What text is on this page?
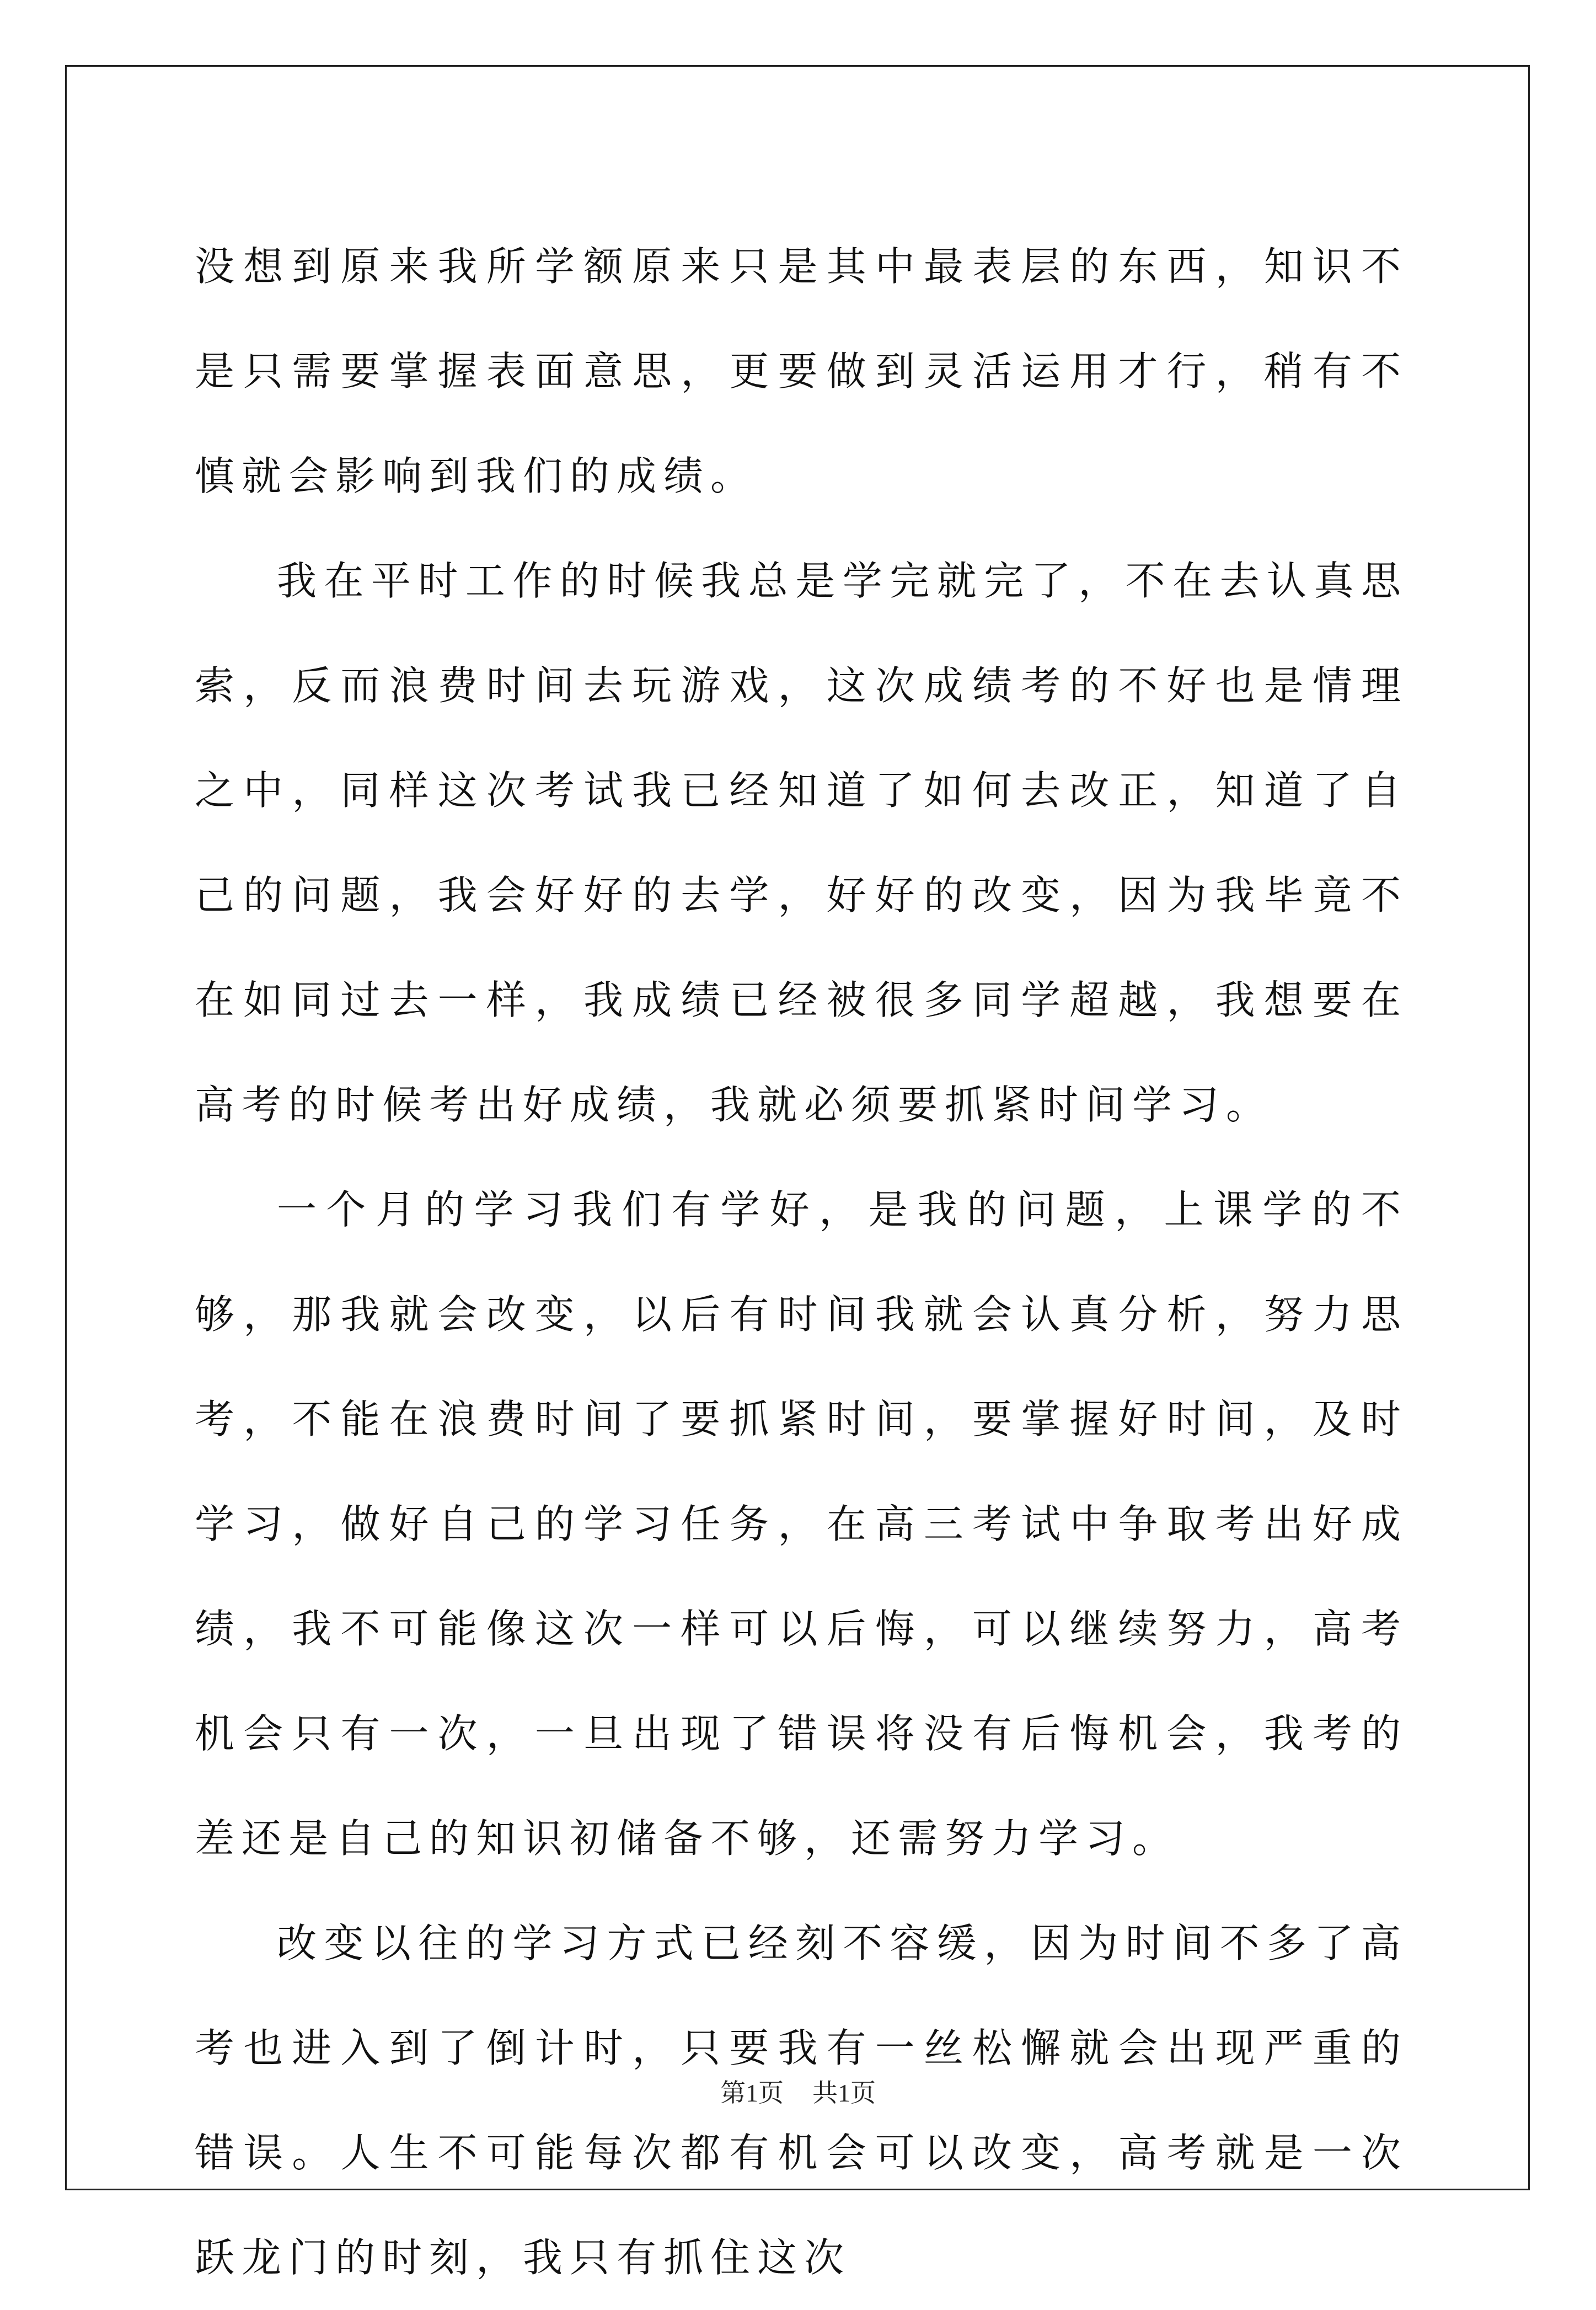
没想到原来我所学额原来只是其中最表层的东西，知识不是只需要掌握表面意思，更要做到灵活运用才行，稍有不慎就会影响到我们的成绩。

我在平时工作的时候我总是学完就完了，不在去认真思索，反而浪费时间去玩游戏，这次成绩考的不好也是情理之中，同样这次考试我已经知道了如何去改正，知道了自己的问题，我会好好的去学，好好的改变，因为我毕竟不在如同过去一样，我成绩已经被很多同学超越，我想要在高考的时候考出好成绩，我就必须要抓紧时间学习。

一个月的学习我们有学好，是我的问题，上课学的不够，那我就会改变，以后有时间我就会认真分析，努力思考，不能在浪费时间了要抓紧时间，要掌握好时间，及时学习，做好自己的学习任务，在高三考试中争取考出好成绩，我不可能像这次一样可以后悔，可以继续努力，高考机会只有一次，一旦出现了错误将没有后悔机会，我考的差还是自己的知识初储备不够，还需努力学习。

改变以往的学习方式已经刻不容缓，因为时间不多了高考也进入到了倒计时，只要我有一丝松懈就会出现严重的错误。人生不可能每次都有机会可以改变，高考就是一次跃龙门的时刻，我只有抓住这次

第1页 共1页
